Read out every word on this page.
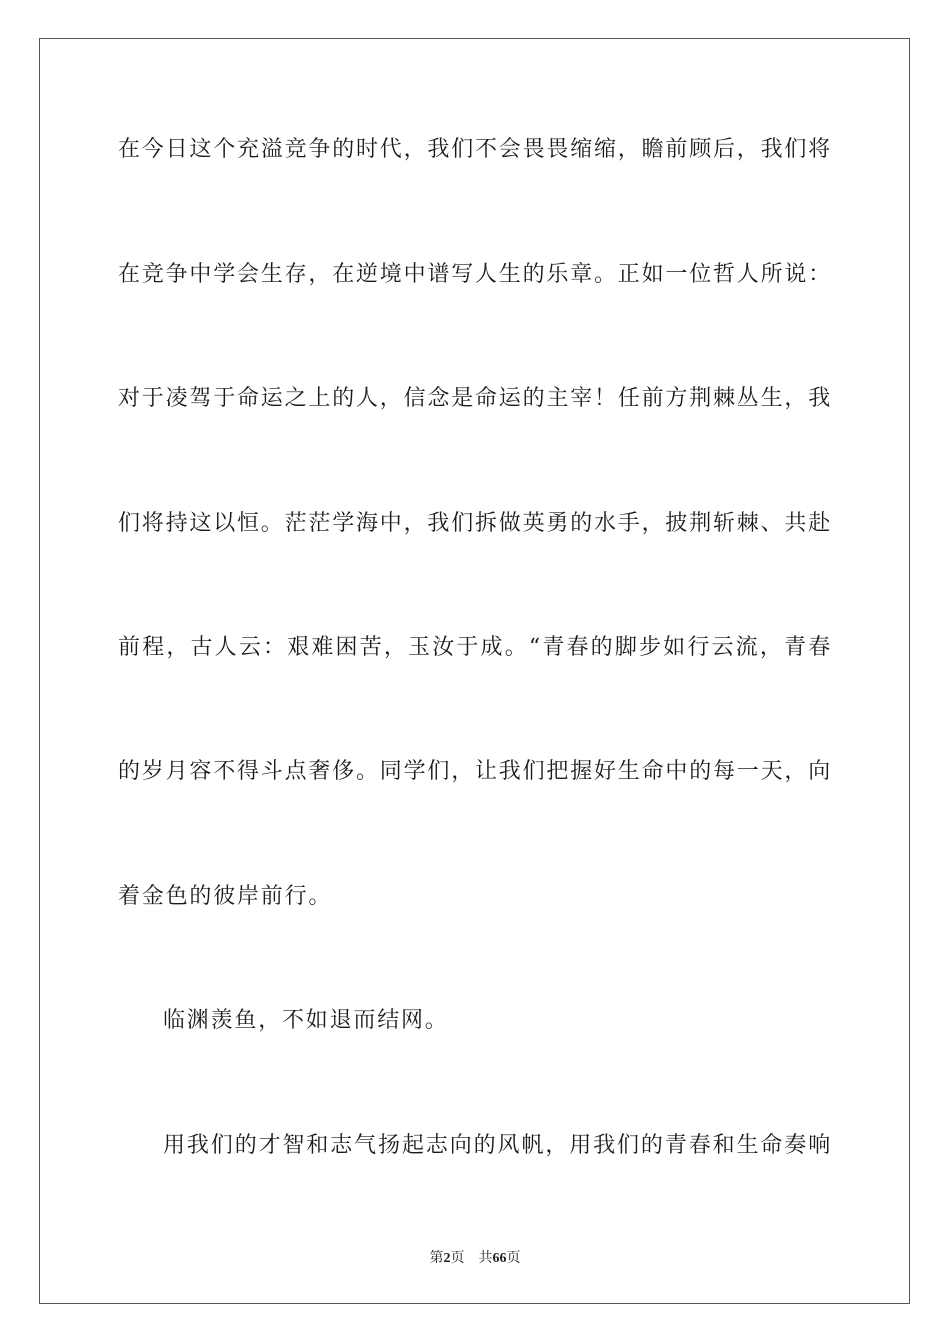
在今日这个充溢竞争的时代，我们不会畏畏缩缩，瞻前顾后，我们将
在竞争中学会生存，在逆境中谱写人生的乐章。正如一位哲人所说：
对于凌驾于命运之上的人，信念是命运的主宰！任前方荆棘丛生，我
们将持这以恒。茫茫学海中，我们拆做英勇的水手，披荆斩棘、共赴
前程，古人云：艰难困苦，玉汝于成。“青春的脚步如行云流，青春
的岁月容不得斗点奢侈。同学们，让我们把握好生命中的每一天，向
着金色的彼岸前行。
临渊羡鱼，不如退而结网。
用我们的才智和志气扬起志向的风帆，用我们的青春和生命奏响
第2页 共66页
